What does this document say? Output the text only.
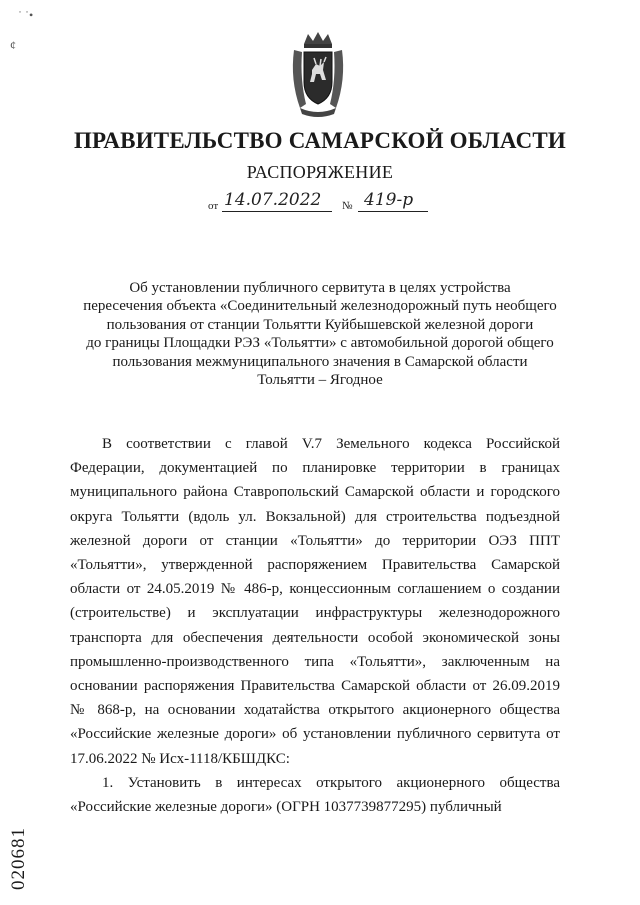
˙ ˙•
¢
ПРАВИТЕЛЬСТВО САМАРСКОЙ ОБЛАСТИ
РАСПОРЯЖЕНИЕ
от 14.07.2022 № 419-р
Об установлении публичного сервитута в целях устройства
пересечения объекта «Соединительный железнодорожный путь необщего
пользования от станции Тольятти Куйбышевской железной дороги
до границы Площадки РЭЗ «Тольятти» с автомобильной дорогой общего
пользования межмуниципального значения в Самарской области
Тольятти – Ягодное

В соответствии с главой V.7 Земельного кодекса Российской Федерации, документацией по планировке территории в границах муниципального района Ставропольский Самарской области и городского округа Тольятти (вдоль ул. Вокзальной) для строительства подъездной железной дороги от станции «Тольятти» до территории ОЭЗ ППТ «Тольятти», утвержденной распоряжением Правительства Самарской области от 24.05.2019 № 486-р, концессионным соглашением о создании (строительстве) и эксплуатации инфраструктуры железнодорожного транспорта для обеспечения деятельности особой экономической зоны промышленно-производственного типа «Тольятти», заключенным на основании распоряжения Правительства Самарской области от 26.09.2019 № 868-р, на основании ходатайства открытого акционерного общества «Российские железные дороги» об установлении публичного сервитута от 17.06.2022 № Исх-1118/КБШДКС:

1. Установить в интересах открытого акционерного общества «Российские железные дороги» (ОГРН 1037739877295) публичный

020681
